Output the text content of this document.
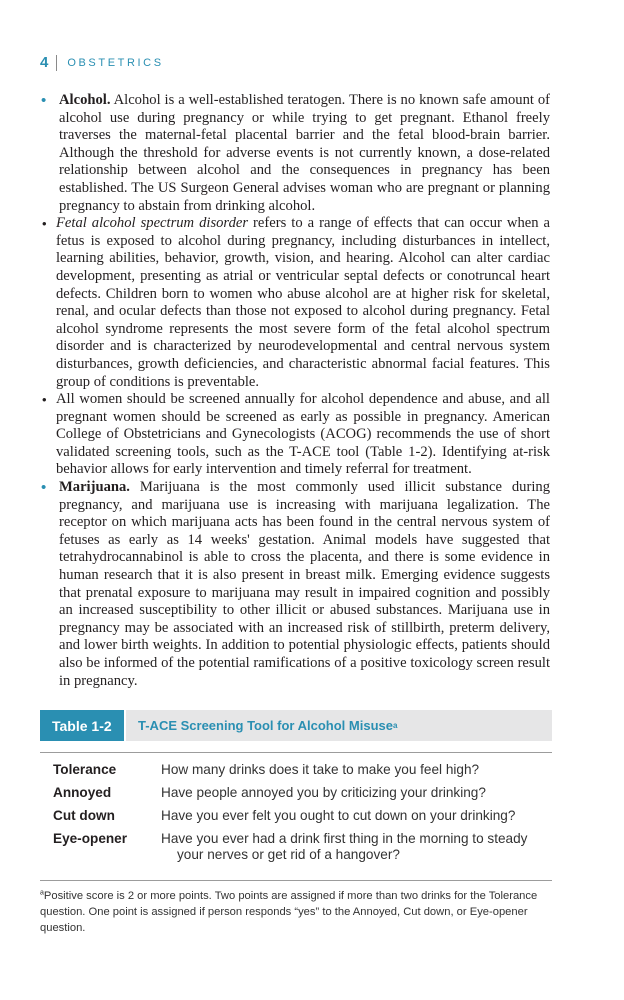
4 OBSTETRICS

• Alcohol. Alcohol is a well-established teratogen. There is no known safe amount of alcohol use during pregnancy or while trying to get pregnant. Ethanol freely traverses the maternal-fetal placental barrier and the fetal blood-brain barrier. Although the threshold for adverse events is not currently known, a dose-related relationship between alcohol and the consequences in pregnancy has been established. The US Surgeon General advises woman who are pregnant or planning pregnancy to abstain from drinking alcohol.

• Fetal alcohol spectrum disorder refers to a range of effects that can occur when a fetus is exposed to alcohol during pregnancy, including disturbances in intellect, learning abilities, behavior, growth, vision, and hearing. Alcohol can alter cardiac development, presenting as atrial or ventricular septal defects or conotruncal heart defects. Children born to women who abuse alcohol are at higher risk for skeletal, renal, and ocular defects than those not exposed to alcohol during pregnancy. Fetal alcohol syndrome represents the most severe form of the fetal alcohol spectrum disorder and is characterized by neurodevelopmental and central nervous system disturbances, growth deficiencies, and characteristic abnormal facial features. This group of conditions is preventable.

• All women should be screened annually for alcohol dependence and abuse, and all pregnant women should be screened as early as possible in pregnancy. American College of Obstetricians and Gynecologists (ACOG) recommends the use of short validated screening tools, such as the T-ACE tool (Table 1-2). Identifying at-risk behavior allows for early intervention and timely referral for treatment.

• Marijuana. Marijuana is the most commonly used illicit substance during pregnancy, and marijuana use is increasing with marijuana legalization. The receptor on which marijuana acts has been found in the central nervous system of fetuses as early as 14 weeks' gestation. Animal models have suggested that tetrahydrocannabinol is able to cross the placenta, and there is some evidence in human research that it is also present in breast milk. Emerging evidence suggests that prenatal exposure to marijuana may result in impaired cognition and possibly an increased susceptibility to other illicit or abused substances. Marijuana use in pregnancy may be associated with an increased risk of stillbirth, preterm delivery, and lower birth weights. In addition to potential physiologic effects, patients should also be informed of the potential ramifications of a positive toxicology screen result in pregnancy.

Table 1-2	T-ACE Screening Tool for Alcohol Misuse a
Tolerance	How many drinks does it take to make you feel high?
Annoyed	Have people annoyed you by criticizing your drinking?
Cut down	Have you ever felt you ought to cut down on your drinking?
Eye-opener	Have you ever had a drink first thing in the morning to steady your nerves or get rid of a hangover?
$^a$Positive score is 2 or more points. Two points are assigned if more than two drinks for the Tolerance question. One point is assigned if person responds “yes” to the Annoyed, Cut down, or Eye-opener question.
